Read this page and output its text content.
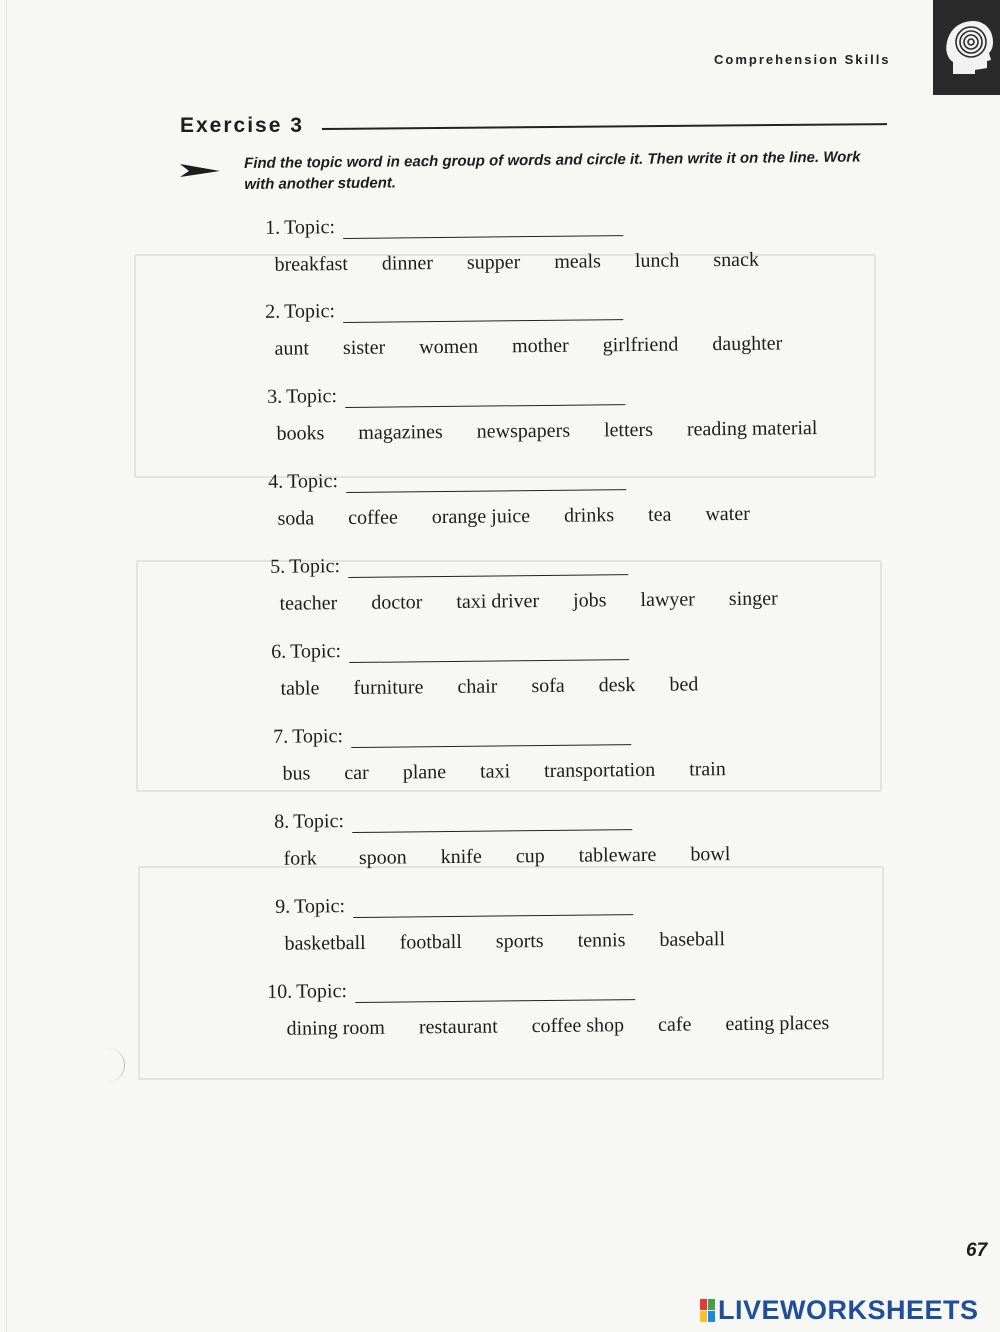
Comprehension Skills
Exercise 3
Find the topic word in each group of words and circle it. Then write it on the line. Work with another student.
1. Topic:
breakfast dinner supper meals lunch snack
2. Topic:
aunt sister women mother girlfriend daughter
3. Topic:
books magazines newspapers letters reading material
4. Topic:
soda coffee orange juice drinks tea water
5. Topic:
teacher doctor taxi driver jobs lawyer singer
6. Topic:
table furniture chair sofa desk bed
7. Topic:
bus car plane taxi transportation train
8. Topic:
fork spoon knife cup tableware bowl
9. Topic:
basketball football sports tennis baseball
10. Topic:
dining room restaurant coffee shop cafe eating places
67
LIVEWORKSHEETS
